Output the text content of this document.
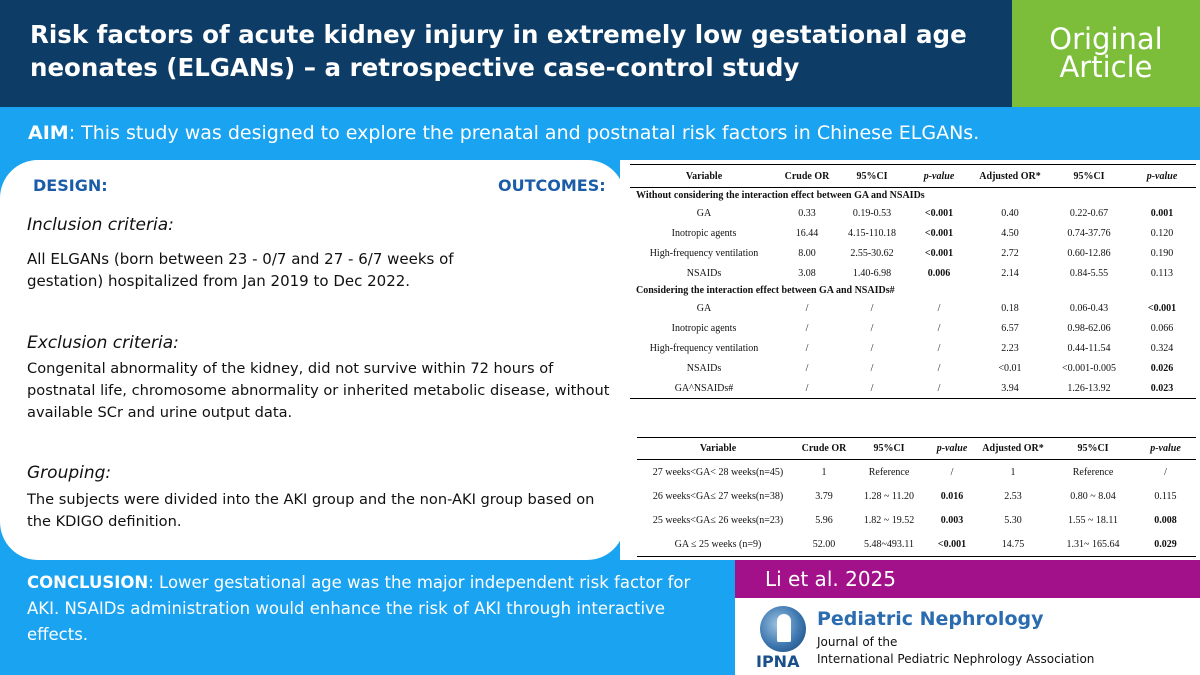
Risk factors of acute kidney injury in extremely low gestational age neonates (ELGANs) – a retrospective case-control study
Original
Article
AIM: This study was designed to explore the prenatal and postnatal risk factors in Chinese ELGANs.
DESIGN:	OUTCOMES:
Inclusion criteria:
All ELGANs (born between 23 - 0/7 and 27 - 6/7 weeks of gestation) hospitalized from Jan 2019 to Dec 2022.
Exclusion criteria:
Congenital abnormality of the kidney, did not survive within 72 hours of postnatal life, chromosome abnormality or inherited metabolic disease, without available SCr and urine output data.
Grouping:
The subjects were divided into the AKI group and the non-AKI group based on the KDIGO definition.
Variable	Crude OR	95%CI	p-value	Adjusted OR*	95%CI	p-value
Without considering the interaction effect between GA and NSAIDs						
GA	0.33	0.19-0.53	<0.001	0.40	0.22-0.67	0.001
Inotropic agents	16.44	4.15-110.18	<0.001	4.50	0.74-37.76	0.120
High-frequency ventilation	8.00	2.55-30.62	<0.001	2.72	0.60-12.86	0.190
NSAIDs	3.08	1.40-6.98	0.006	2.14	0.84-5.55	0.113
Considering the interaction effect between GA and NSAIDs#						
GA	/	/	/	0.18	0.06-0.43	<0.001
Inotropic agents	/	/	/	6.57	0.98-62.06	0.066
High-frequency ventilation	/	/	/	2.23	0.44-11.54	0.324
NSAIDs	/	/	/	<0.01	<0.001-0.005	0.026
GA^NSAIDs#	/	/	/	3.94	1.26-13.92	0.023
Variable	Crude OR	95%CI	p-value	Adjusted OR*	95%CI	p-value
27 weeks<GA< 28 weeks(n=45)	1	Reference	/	1	Reference	/
26 weeks<GA≤ 27 weeks(n=38)	3.79	1.28 ~ 11.20	0.016	2.53	0.80 ~ 8.04	0.115
25 weeks<GA≤ 26 weeks(n=23)	5.96	1.82 ~ 19.52	0.003	5.30	1.55 ~ 18.11	0.008
GA ≤ 25 weeks (n=9)	52.00	5.48~493.11	<0.001	14.75	1.31~ 165.64	0.029
CONCLUSION: Lower gestational age was the major independent risk factor for AKI. NSAIDs administration would enhance the risk of AKI through interactive effects.
Li et al. 2025
IPNA
Pediatric Nephrology
Journal of the
International Pediatric Nephrology Association
